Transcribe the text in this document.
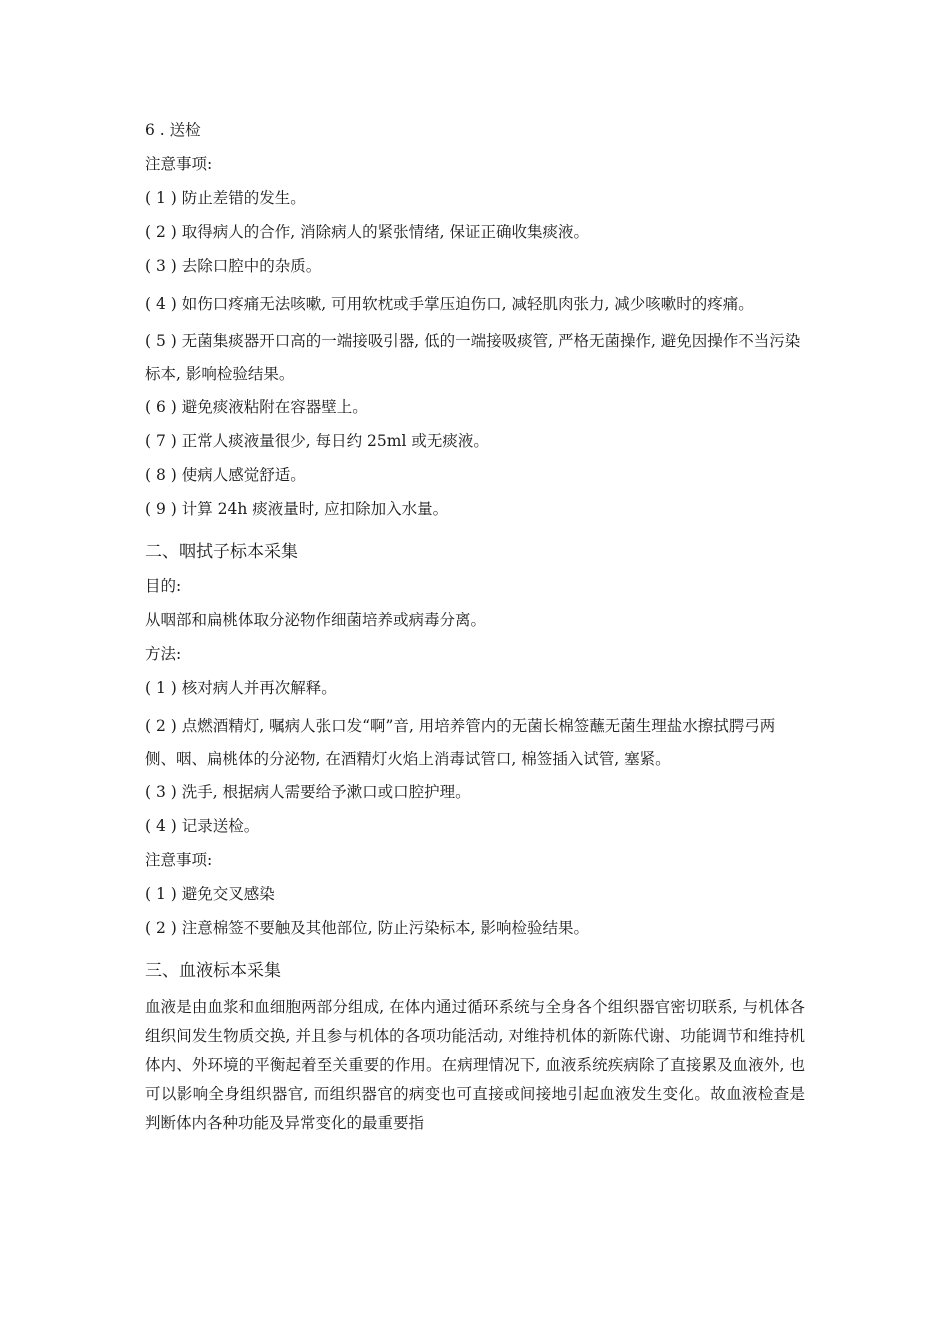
6 . 送检

注意事项:

( 1 ) 防止差错的发生。

( 2 ) 取得病人的合作, 消除病人的紧张情绪, 保证正确收集痰液。

( 3 ) 去除口腔中的杂质。

( 4 ) 如伤口疼痛无法咳嗽, 可用软枕或手掌压迫伤口, 减轻肌肉张力, 减少咳嗽时的疼痛。

( 5 ) 无菌集痰器开口高的一端接吸引器, 低的一端接吸痰管, 严格无菌操作, 避免因操作不当污染标本, 影响检验结果。

( 6 ) 避免痰液粘附在容器壁上。

( 7 ) 正常人痰液量很少, 每日约 25ml 或无痰液。

( 8 ) 使病人感觉舒适。

( 9 ) 计算 24h 痰液量时, 应扣除加入水量。

二、咽拭子标本采集

目的:

从咽部和扁桃体取分泌物作细菌培养或病毒分离。

方法:

( 1 ) 核对病人并再次解释。

( 2 ) 点燃酒精灯, 嘱病人张口发“啊”音, 用培养管内的无菌长棉签蘸无菌生理盐水擦拭腭弓两侧、咽、扁桃体的分泌物, 在酒精灯火焰上消毒试管口, 棉签插入试管, 塞紧。

( 3 ) 洗手, 根据病人需要给予漱口或口腔护理。

( 4 ) 记录送检。

注意事项:

( 1 ) 避免交叉感染

( 2 ) 注意棉签不要触及其他部位, 防止污染标本, 影响检验结果。

三、血液标本采集

血液是由血浆和血细胞两部分组成, 在体内通过循环系统与全身各个组织器官密切联系, 与机体各组织间发生物质交换, 并且参与机体的各项功能活动, 对维持机体的新陈代谢、功能调节和维持机体内、外环境的平衡起着至关重要的作用。在病理情况下, 血液系统疾病除了直接累及血液外, 也可以影响全身组织器官, 而组织器官的病变也可直接或间接地引起血液发生变化。故血液检查是判断体内各种功能及异常变化的最重要指
